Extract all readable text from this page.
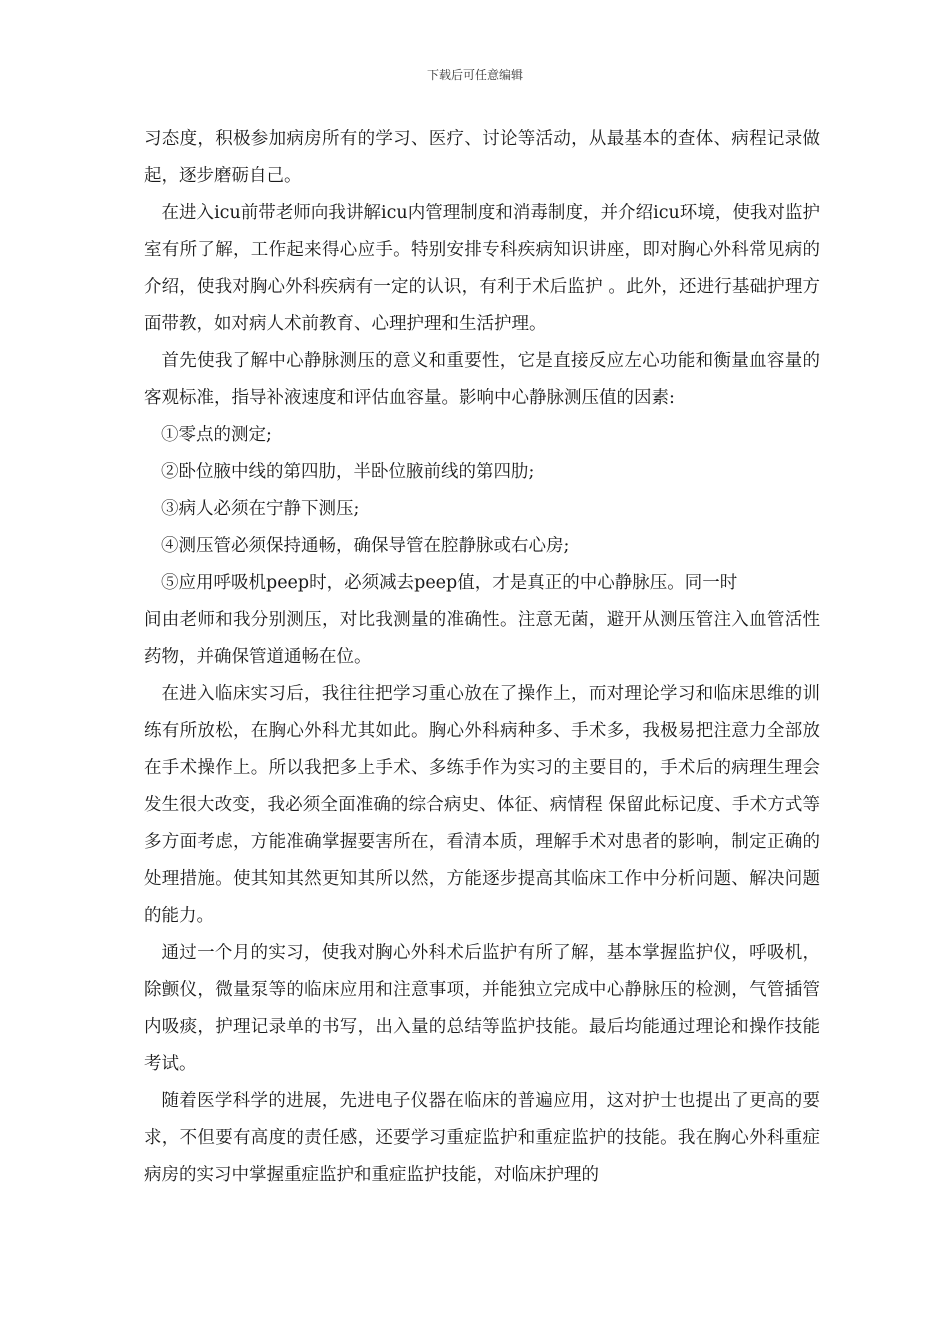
下载后可任意编辑

习态度，积极参加病房所有的学习、医疗、讨论等活动，从最基本的查体、病程记录做起，逐步磨砺自己。

在进入icu前带老师向我讲解icu内管理制度和消毒制度，并介绍icu环境，使我对监护室有所了解，工作起来得心应手。特别安排专科疾病知识讲座，即对胸心外科常见病的介绍，使我对胸心外科疾病有一定的认识，有利于术后监护 。此外，还进行基础护理方面带教，如对病人术前教育、心理护理和生活护理。

首先使我了解中心静脉测压的意义和重要性，它是直接反应左心功能和衡量血容量的客观标准，指导补液速度和评估血容量。影响中心静脉测压值的因素:

①零点的测定;

②卧位腋中线的第四肋，半卧位腋前线的第四肋;

③病人必须在宁静下测压;

④测压管必须保持通畅，确保导管在腔静脉或右心房;

⑤应用呼吸机peep时，必须减去peep值，才是真正的中心静脉压。同一时

间由老师和我分别测压，对比我测量的准确性。注意无菌，避开从测压管注入血管活性药物，并确保管道通畅在位。

在进入临床实习后，我往往把学习重心放在了操作上，而对理论学习和临床思维的训练有所放松，在胸心外科尤其如此。胸心外科病种多、手术多，我极易把注意力全部放在手术操作上。所以我把多上手术、多练手作为实习的主要目的，手术后的病理生理会发生很大改变，我必须全面准确的综合病史、体征、病情程 保留此标记度、手术方式等多方面考虑，方能准确掌握要害所在，看清本质，理解手术对患者的影响，制定正确的处理措施。使其知其然更知其所以然，方能逐步提高其临床工作中分析问题、解决问题的能力。

通过一个月的实习，使我对胸心外科术后监护有所了解，基本掌握监护仪，呼吸机，除颤仪，微量泵等的临床应用和注意事项，并能独立完成中心静脉压的检测，气管插管内吸痰，护理记录单的书写，出入量的总结等监护技能。最后均能通过理论和操作技能考试。

随着医学科学的进展，先进电子仪器在临床的普遍应用，这对护士也提出了更高的要求，不但要有高度的责任感，还要学习重症监护和重症监护的技能。我在胸心外科重症病房的实习中掌握重症监护和重症监护技能，对临床护理的
